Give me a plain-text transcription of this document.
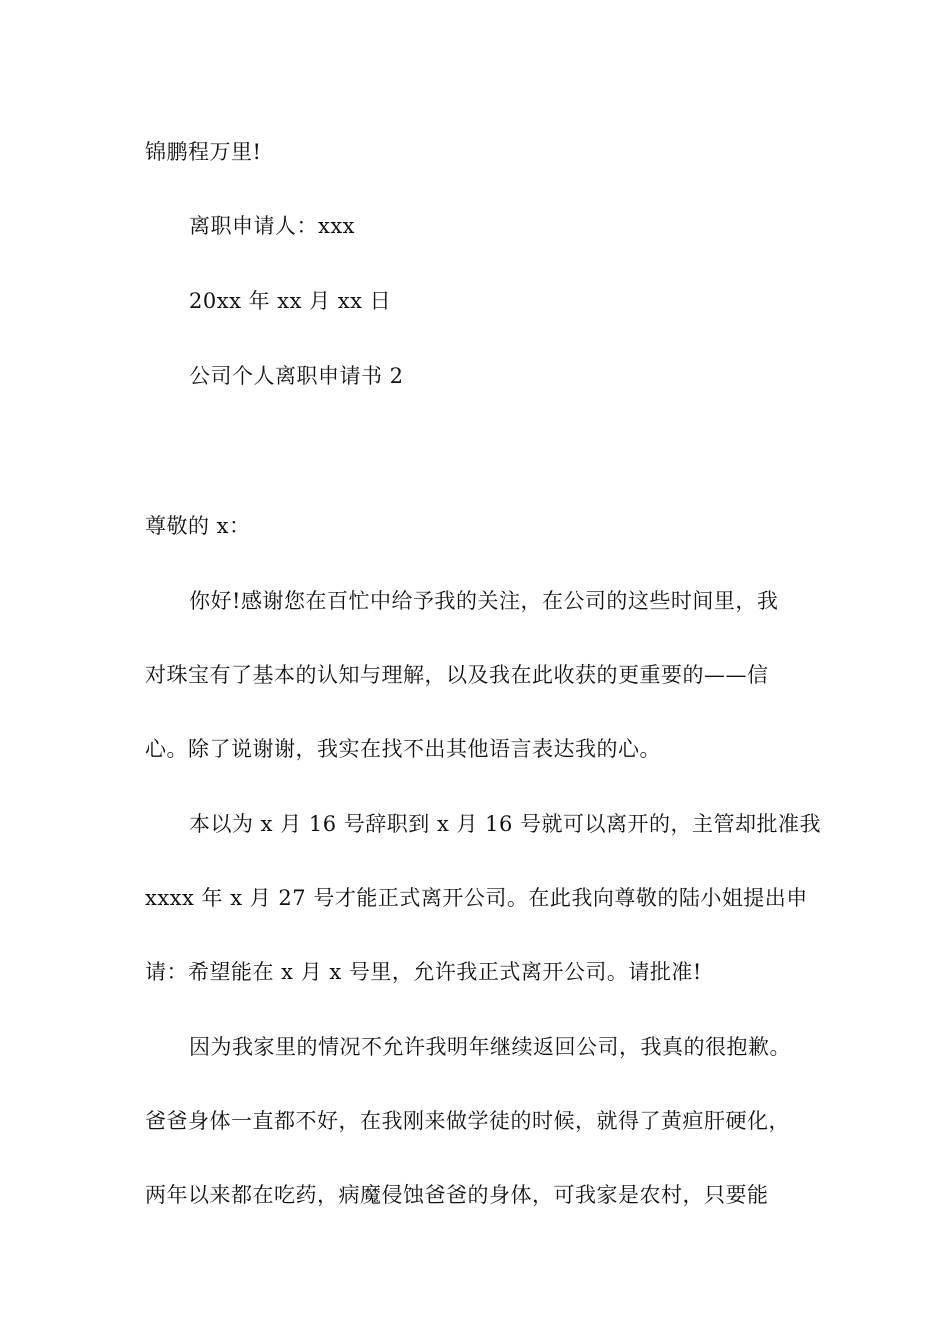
锦鹏程万里!
离职申请人：xxx
20xx 年 xx 月 xx 日
公司个人离职申请书 2
尊敬的 x：
你好!感谢您在百忙中给予我的关注，在公司的这些时间里，我
对珠宝有了基本的认知与理解，以及我在此收获的更重要的——信
心。除了说谢谢，我实在找不出其他语言表达我的心。
本以为 x 月 16 号辞职到 x 月 16 号就可以离开的，主管却批准我
xxxx 年 x 月 27 号才能正式离开公司。在此我向尊敬的陆小姐提出申
请：希望能在 x 月 x 号里，允许我正式离开公司。请批准!
因为我家里的情况不允许我明年继续返回公司，我真的很抱歉。
爸爸身体一直都不好，在我刚来做学徒的时候，就得了黄疸肝硬化，
两年以来都在吃药，病魔侵蚀爸爸的身体，可我家是农村，只要能
